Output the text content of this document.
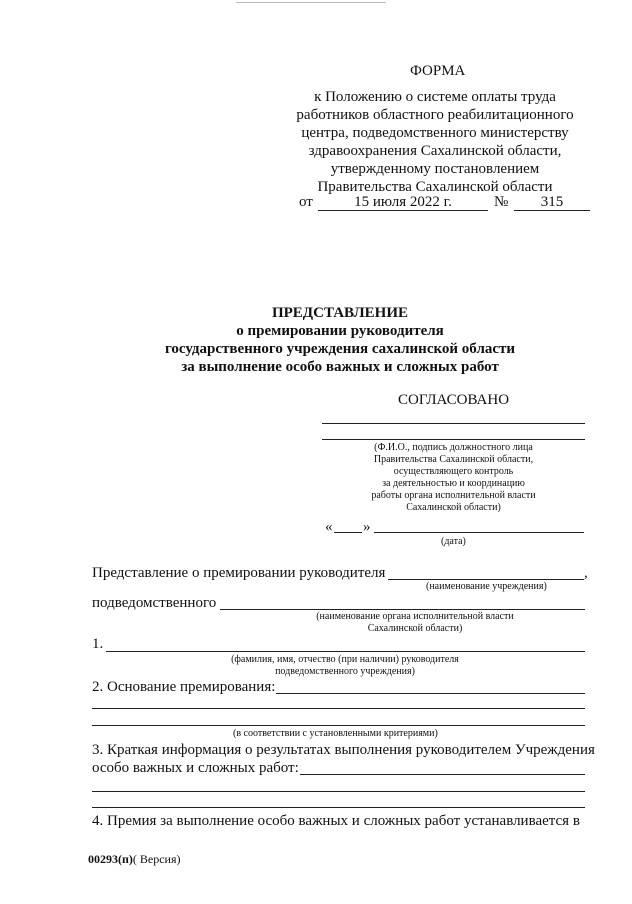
ФОРМА
к Положению о системе оплаты труда
работников областного реабилитационного
центра, подведомственного министерству
здравоохранения Сахалинской области,
утвержденному постановлением
Правительства Сахалинской области
от	15 июля 2022 г.	№	315
ПРЕДСТАВЛЕНИЕ
о премировании руководителя
государственного учреждения сахалинской области
за выполнение особо важных и сложных работ
СОГЛАСОВАНО
(Ф.И.О., подпись должностного лица
Правительства Сахалинской области,
осуществляющего контроль
за деятельностью и координацию
работы органа исполнительной власти
Сахалинской области)
« »
(дата)
Представление о премировании руководителя	,
(наименование учреждения)
подведомственного
(наименование органа исполнительной власти
Сахалинской области)
1.
(фамилия, имя, отчество (при наличии) руководителя
подведомственного учреждения)
2. Основание премирования:
(в соответствии с установленными критериями)
3. Краткая информация о результатах выполнения руководителем Учреждения
особо важных и сложных работ:
4. Премия за выполнение особо важных и сложных работ устанавливается в
00293(п)( Версия)
